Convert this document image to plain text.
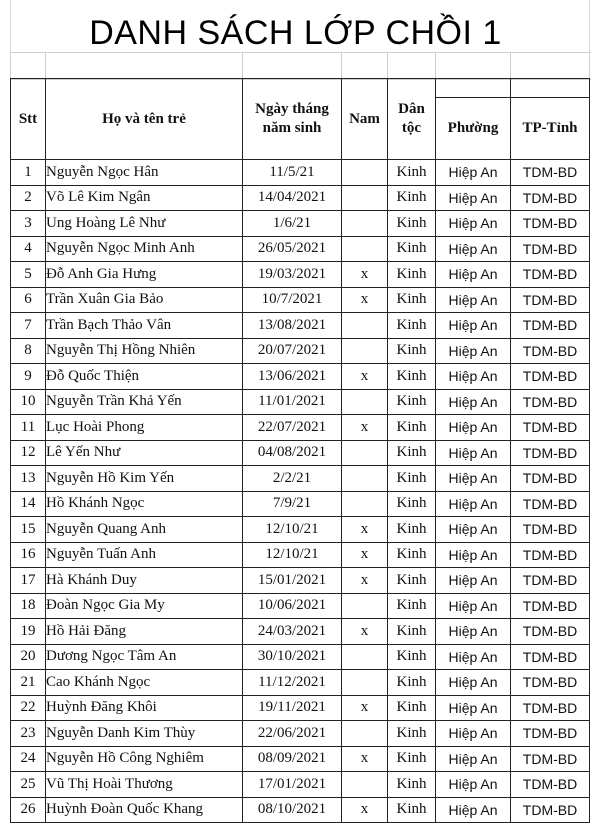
DANH SÁCH LỚP CHỒI 1
Stt	Họ và tên trẻ	Ngày tháng năm sinh	Nam	Dân tộc		
					Phường	TP-Tỉnh
1	Nguyễn Ngọc Hân	11/5/21		Kinh	Hiệp An	TDM-BD
2	Võ Lê Kim Ngân	14/04/2021		Kinh	Hiệp An	TDM-BD
3	Ung Hoàng Lê Như	1/6/21		Kinh	Hiệp An	TDM-BD
4	Nguyễn Ngọc Minh Anh	26/05/2021		Kinh	Hiệp An	TDM-BD
5	Đỗ Anh Gia Hưng	19/03/2021	x	Kinh	Hiệp An	TDM-BD
6	Trần Xuân Gia Bảo	10/7/2021	x	Kinh	Hiệp An	TDM-BD
7	Trần Bạch Thảo Vân	13/08/2021		Kinh	Hiệp An	TDM-BD
8	Nguyễn Thị Hồng Nhiên	20/07/2021		Kinh	Hiệp An	TDM-BD
9	Đỗ Quốc Thiện	13/06/2021	x	Kinh	Hiệp An	TDM-BD
10	Nguyễn Trần Khả Yến	11/01/2021		Kinh	Hiệp An	TDM-BD
11	Lục Hoài Phong	22/07/2021	x	Kinh	Hiệp An	TDM-BD
12	Lê Yến Như	04/08/2021		Kinh	Hiệp An	TDM-BD
13	Nguyễn Hồ Kim Yến	2/2/21		Kinh	Hiệp An	TDM-BD
14	Hồ Khánh Ngọc	7/9/21		Kinh	Hiệp An	TDM-BD
15	Nguyễn Quang Anh	12/10/21	x	Kinh	Hiệp An	TDM-BD
16	Nguyễn Tuấn Anh	12/10/21	x	Kinh	Hiệp An	TDM-BD
17	Hà Khánh Duy	15/01/2021	x	Kinh	Hiệp An	TDM-BD
18	Đoàn Ngọc Gia My	10/06/2021		Kinh	Hiệp An	TDM-BD
19	Hồ Hải Đăng	24/03/2021	x	Kinh	Hiệp An	TDM-BD
20	Dương Ngọc Tâm An	30/10/2021		Kinh	Hiệp An	TDM-BD
21	Cao Khánh Ngọc	11/12/2021		Kinh	Hiệp An	TDM-BD
22	Huỳnh Đăng Khôi	19/11/2021	x	Kinh	Hiệp An	TDM-BD
23	Nguyễn Danh Kim Thùy	22/06/2021		Kinh	Hiệp An	TDM-BD
24	Nguyễn Hồ Công Nghiêm	08/09/2021	x	Kinh	Hiệp An	TDM-BD
25	Vũ Thị Hoài Thương	17/01/2021		Kinh	Hiệp An	TDM-BD
26	Huỳnh Đoàn Quốc Khang	08/10/2021	x	Kinh	Hiệp An	TDM-BD
